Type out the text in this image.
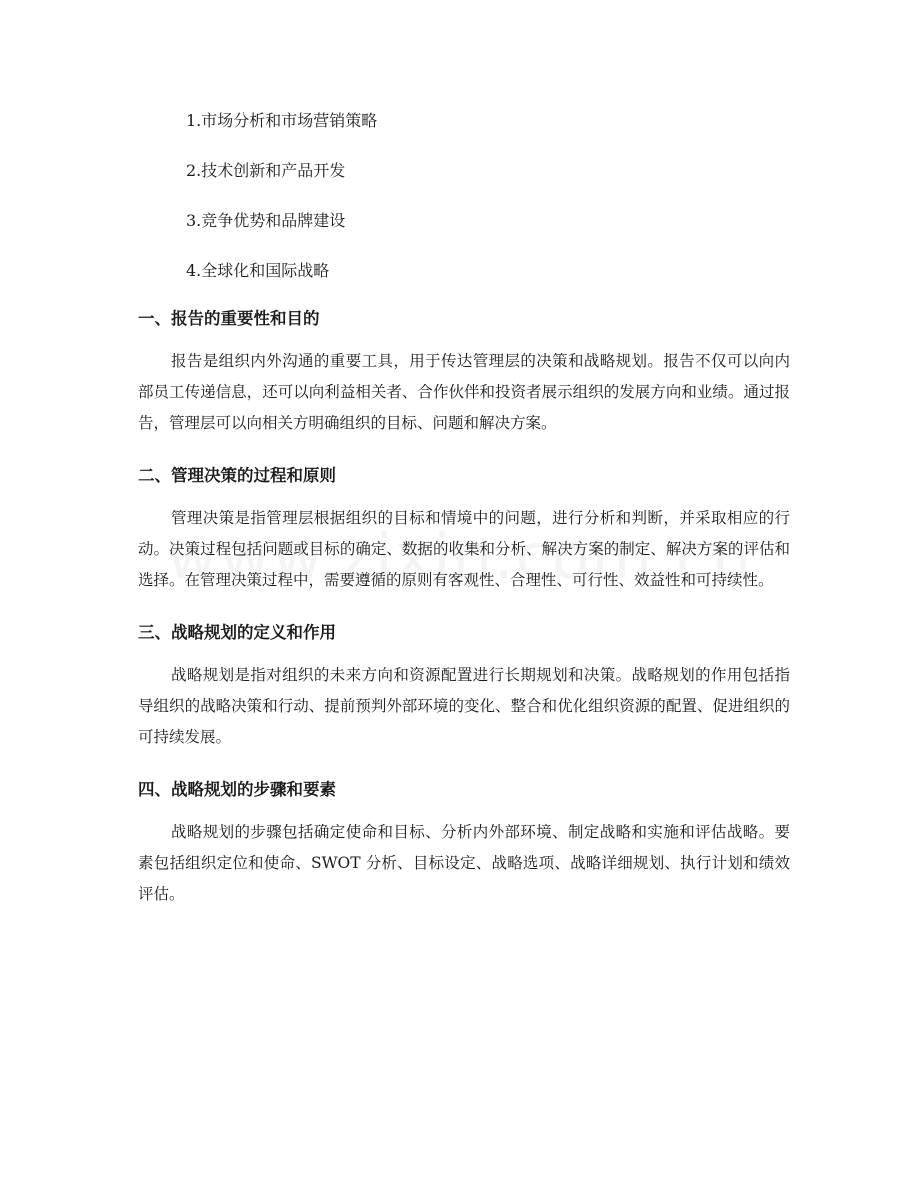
1.市场分析和市场营销策略
2.技术创新和产品开发
3.竞争优势和品牌建设
4.全球化和国际战略
一、报告的重要性和目的

报告是组织内外沟通的重要工具，用于传达管理层的决策和战略规划。报告不仅可以向内部员工传递信息，还可以向利益相关者、合作伙伴和投资者展示组织的发展方向和业绩。通过报告，管理层可以向相关方明确组织的目标、问题和解决方案。

二、管理决策的过程和原则

管理决策是指管理层根据组织的目标和情境中的问题，进行分析和判断，并采取相应的行动。决策过程包括问题或目标的确定、数据的收集和分析、解决方案的制定、解决方案的评估和选择。在管理决策过程中，需要遵循的原则有客观性、合理性、可行性、效益性和可持续性。

三、战略规划的定义和作用

战略规划是指对组织的未来方向和资源配置进行长期规划和决策。战略规划的作用包括指导组织的战略决策和行动、提前预判外部环境的变化、整合和优化组织资源的配置、促进组织的可持续发展。

四、战略规划的步骤和要素

战略规划的步骤包括确定使命和目标、分析内外部环境、制定战略和实施和评估战略。要素包括组织定位和使命、SWOT 分析、目标设定、战略选项、战略详细规划、执行计划和绩效评估。
